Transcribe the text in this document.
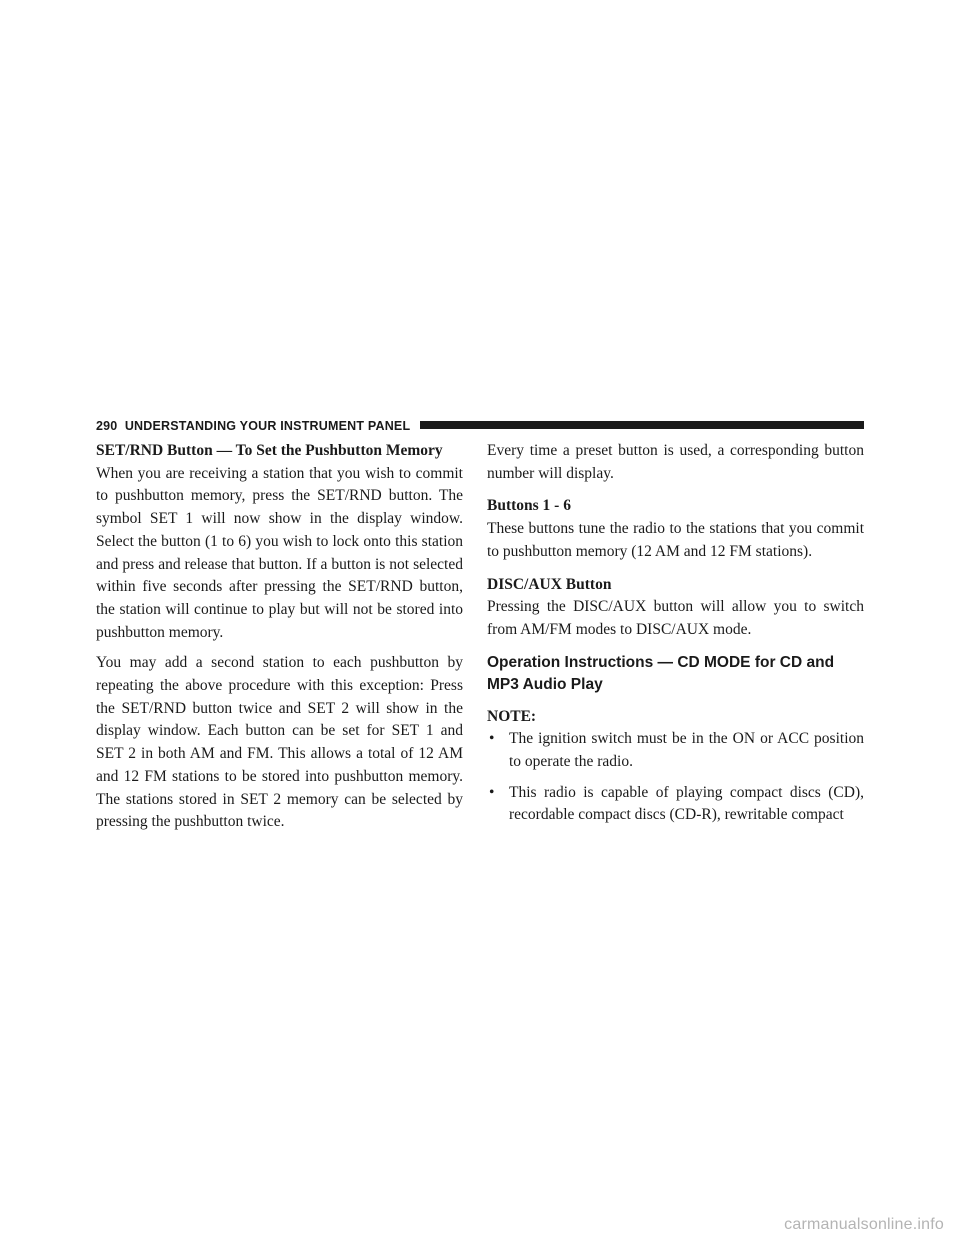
290 UNDERSTANDING YOUR INSTRUMENT PANEL
SET/RND Button — To Set the Pushbutton Memory

When you are receiving a station that you wish to commit to pushbutton memory, press the SET/RND button. The symbol SET 1 will now show in the display window. Select the button (1 to 6) you wish to lock onto this station and press and release that button. If a button is not selected within five seconds after pressing the SET/RND button, the station will continue to play but will not be stored into pushbutton memory.

You may add a second station to each pushbutton by repeating the above procedure with this exception: Press the SET/RND button twice and SET 2 will show in the display window. Each button can be set for SET 1 and SET 2 in both AM and FM. This allows a total of 12 AM and 12 FM stations to be stored into pushbutton memory. The stations stored in SET 2 memory can be selected by pressing the pushbutton twice.

Every time a preset button is used, a corresponding button number will display.

Buttons 1 - 6

These buttons tune the radio to the stations that you commit to pushbutton memory (12 AM and 12 FM stations).

DISC/AUX Button

Pressing the DISC/AUX button will allow you to switch from AM/FM modes to DISC/AUX mode.

Operation Instructions — CD MODE for CD and MP3 Audio Play
NOTE:
• The ignition switch must be in the ON or ACC position to operate the radio.
• This radio is capable of playing compact discs (CD), recordable compact discs (CD-R), rewritable compact
carmanualsonline.info
